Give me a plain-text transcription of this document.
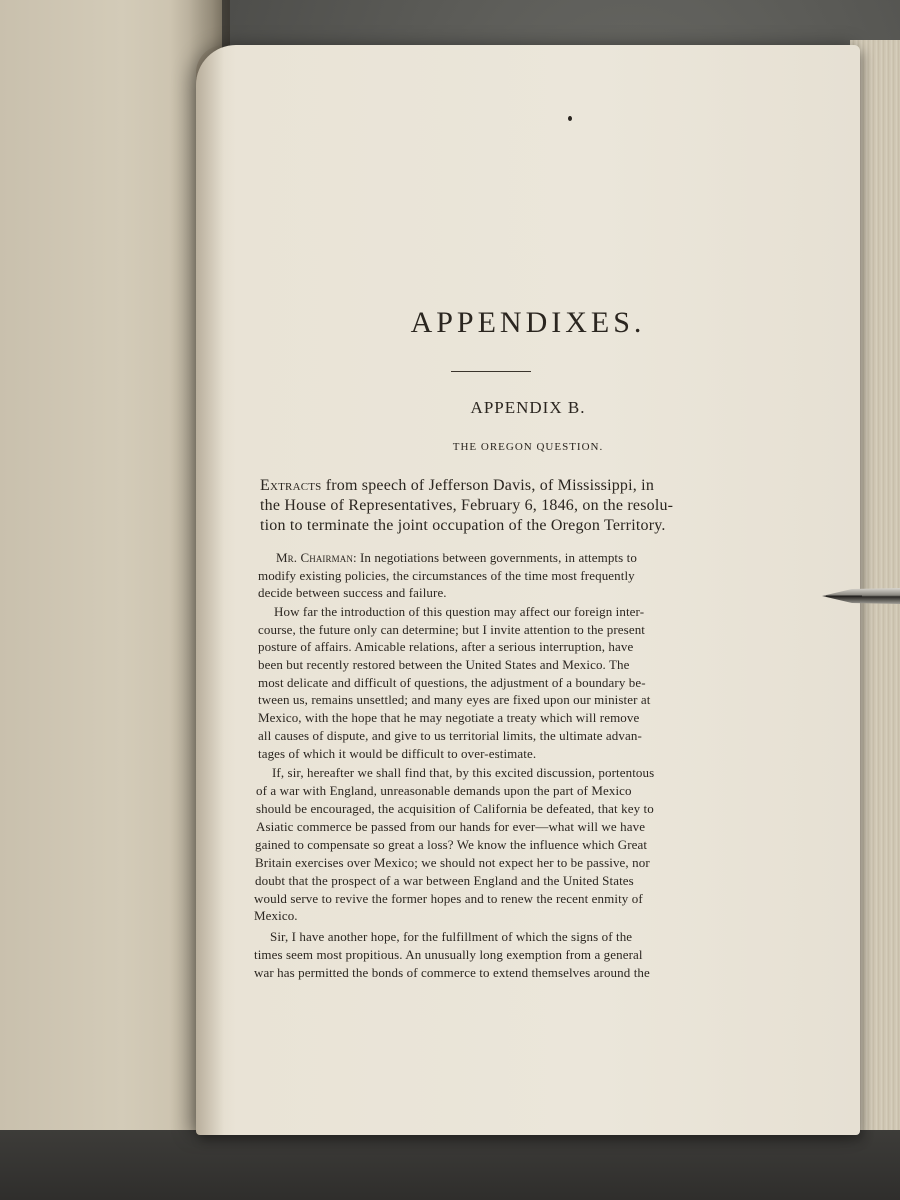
APPENDIXES.
APPENDIX B.
THE OREGON QUESTION.
Extracts from speech of Jefferson Davis, of Mississippi, in
the House of Representatives, February 6, 1846, on the resolu-
tion to terminate the joint occupation of the Oregon Territory.
Mr. Chairman: In negotiations between governments, in attempts to
modify existing policies, the circumstances of the time most frequently
decide between success and failure.
How far the introduction of this question may affect our foreign inter-
course, the future only can determine; but I invite attention to the present
posture of affairs. Amicable relations, after a serious interruption, have
been but recently restored between the United States and Mexico. The
most delicate and difficult of questions, the adjustment of a boundary be-
tween us, remains unsettled; and many eyes are fixed upon our minister at
Mexico, with the hope that he may negotiate a treaty which will remove
all causes of dispute, and give to us territorial limits, the ultimate advan-
tages of which it would be difficult to over-estimate.
If, sir, hereafter we shall find that, by this excited discussion, portentous
of a war with England, unreasonable demands upon the part of Mexico
should be encouraged, the acquisition of California be defeated, that key to
Asiatic commerce be passed from our hands for ever—what will we have
gained to compensate so great a loss? We know the influence which Great
Britain exercises over Mexico; we should not expect her to be passive, nor
doubt that the prospect of a war between England and the United States
would serve to revive the former hopes and to renew the recent enmity of
Mexico.
Sir, I have another hope, for the fulfillment of which the signs of the
times seem most propitious. An unusually long exemption from a general
war has permitted the bonds of commerce to extend themselves around the
